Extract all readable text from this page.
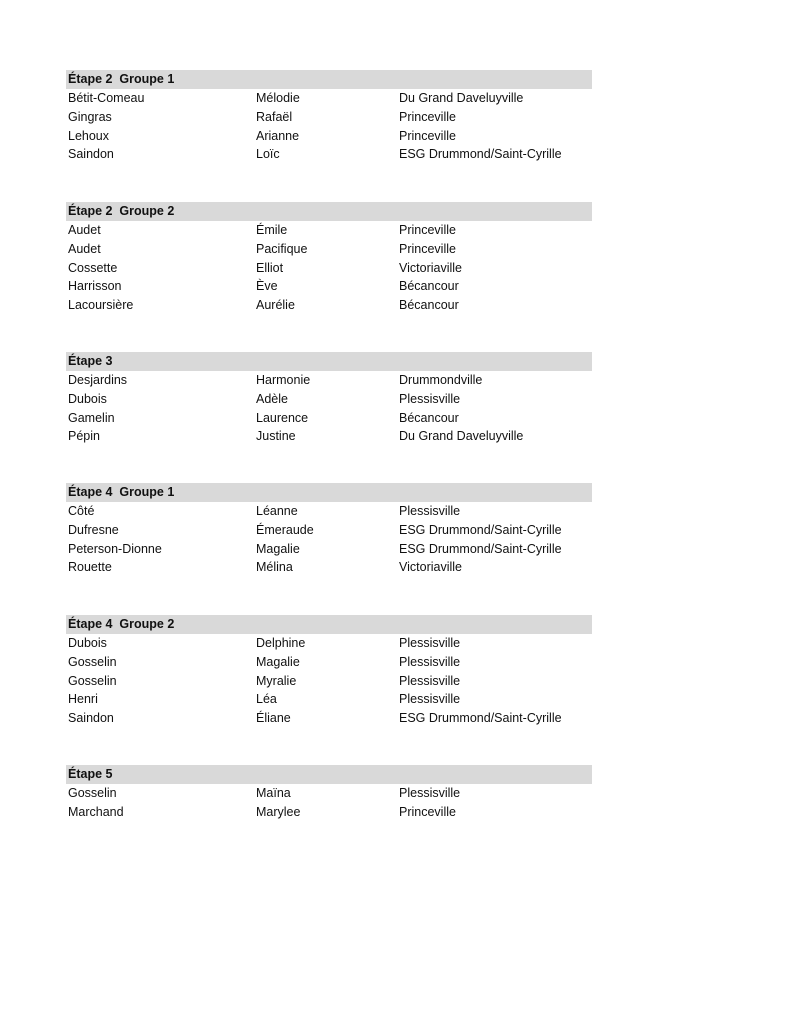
Étape 2  Groupe 1
Bétit-Comeau	Mélodie	Du Grand Daveluyville
Gingras	Rafaël	Princeville
Lehoux	Arianne	Princeville
Saindon	Loïc	ESG Drummond/Saint-Cyrille
Étape 2  Groupe 2
Audet	Émile	Princeville
Audet	Pacifique	Princeville
Cossette	Elliot	Victoriaville
Harrisson	Ève	Bécancour
Lacoursière	Aurélie	Bécancour
Étape 3
Desjardins	Harmonie	Drummondville
Dubois	Adèle	Plessisville
Gamelin	Laurence	Bécancour
Pépin	Justine	Du Grand Daveluyville
Étape 4  Groupe 1
Côté	Léanne	Plessisville
Dufresne	Émeraude	ESG Drummond/Saint-Cyrille
Peterson-Dionne	Magalie	ESG Drummond/Saint-Cyrille
Rouette	Mélina	Victoriaville
Étape 4  Groupe 2
Dubois	Delphine	Plessisville
Gosselin	Magalie	Plessisville
Gosselin	Myralie	Plessisville
Henri	Léa	Plessisville
Saindon	Éliane	ESG Drummond/Saint-Cyrille
Étape 5
Gosselin	Maïna	Plessisville
Marchand	Marylee	Princeville
